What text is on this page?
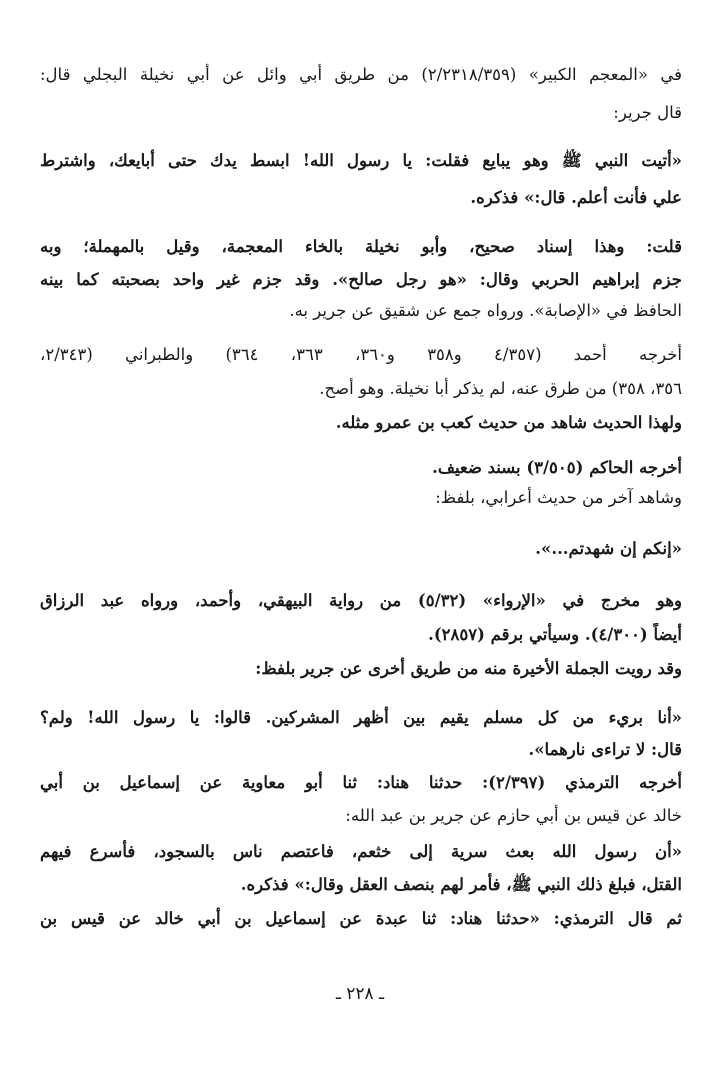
في «المعجم الكبير» (٢/٢٣١٨/٣٥٩) من طريق أبي وائل عن أبي نخيلة البجلي قال:
قال جرير:
«أتيت النبي ﷺ وهو يبايع فقلت: يا رسول الله! ابسط يدك حتى أبايعك، واشترط
علي فأنت أعلم. قال:» فذكره.
قلت: وهذا إسناد صحيح، وأبو نخيلة بالخاء المعجمة، وقيل بالمهملة؛ وبه
جزم إبراهيم الحربي وقال: «هو رجل صالح». وقد جزم غير واحد بصحبته كما بينه
الحافظ في «الإصابة». ورواه جمع عن شقيق عن جرير به.
أخرجه أحمد (٤/٣٥٧ و٣٥٨ و٣٦٠، ٣٦٣، ٣٦٤) والطبراني (٢/٣٤٣،
٣٥٦، ٣٥٨) من طرق عنه، لم يذكر أبا نخيلة. وهو أصح.
ولهذا الحديث شاهد من حديث كعب بن عمرو مثله.
أخرجه الحاكم (٣/٥٠٥) بسند ضعيف.
وشاهد آخر من حديث أعرابي، بلفظ:
«إنكم إن شهدتم...».
وهو مخرج في «الإرواء» (٥/٣٢) من رواية البيهقي، وأحمد، ورواه عبد الرزاق
أيضاً (٤/٣٠٠). وسيأتي برقم (٢٨٥٧).
وقد رويت الجملة الأخيرة منه من طريق أخرى عن جرير بلفظ:
«أنا بريء من كل مسلم يقيم بين أظهر المشركين. قالوا: يا رسول الله! ولم؟
قال: لا تراءى نارهما».
أخرجه الترمذي (٢/٣٩٧): حدثنا هناد: ثنا أبو معاوية عن إسماعيل بن أبي
خالد عن قيس بن أبي حازم عن جرير بن عبد الله:
«أن رسول الله بعث سرية إلى خثعم، فاعتصم ناس بالسجود، فأسرع فيهم
القتل، فبلغ ذلك النبي ﷺ، فأمر لهم بنصف العقل وقال:» فذكره.
ثم قال الترمذي: «حدثنا هناد: ثنا عبدة عن إسماعيل بن أبي خالد عن قيس بن
ـ ٢٢٨ ـ
